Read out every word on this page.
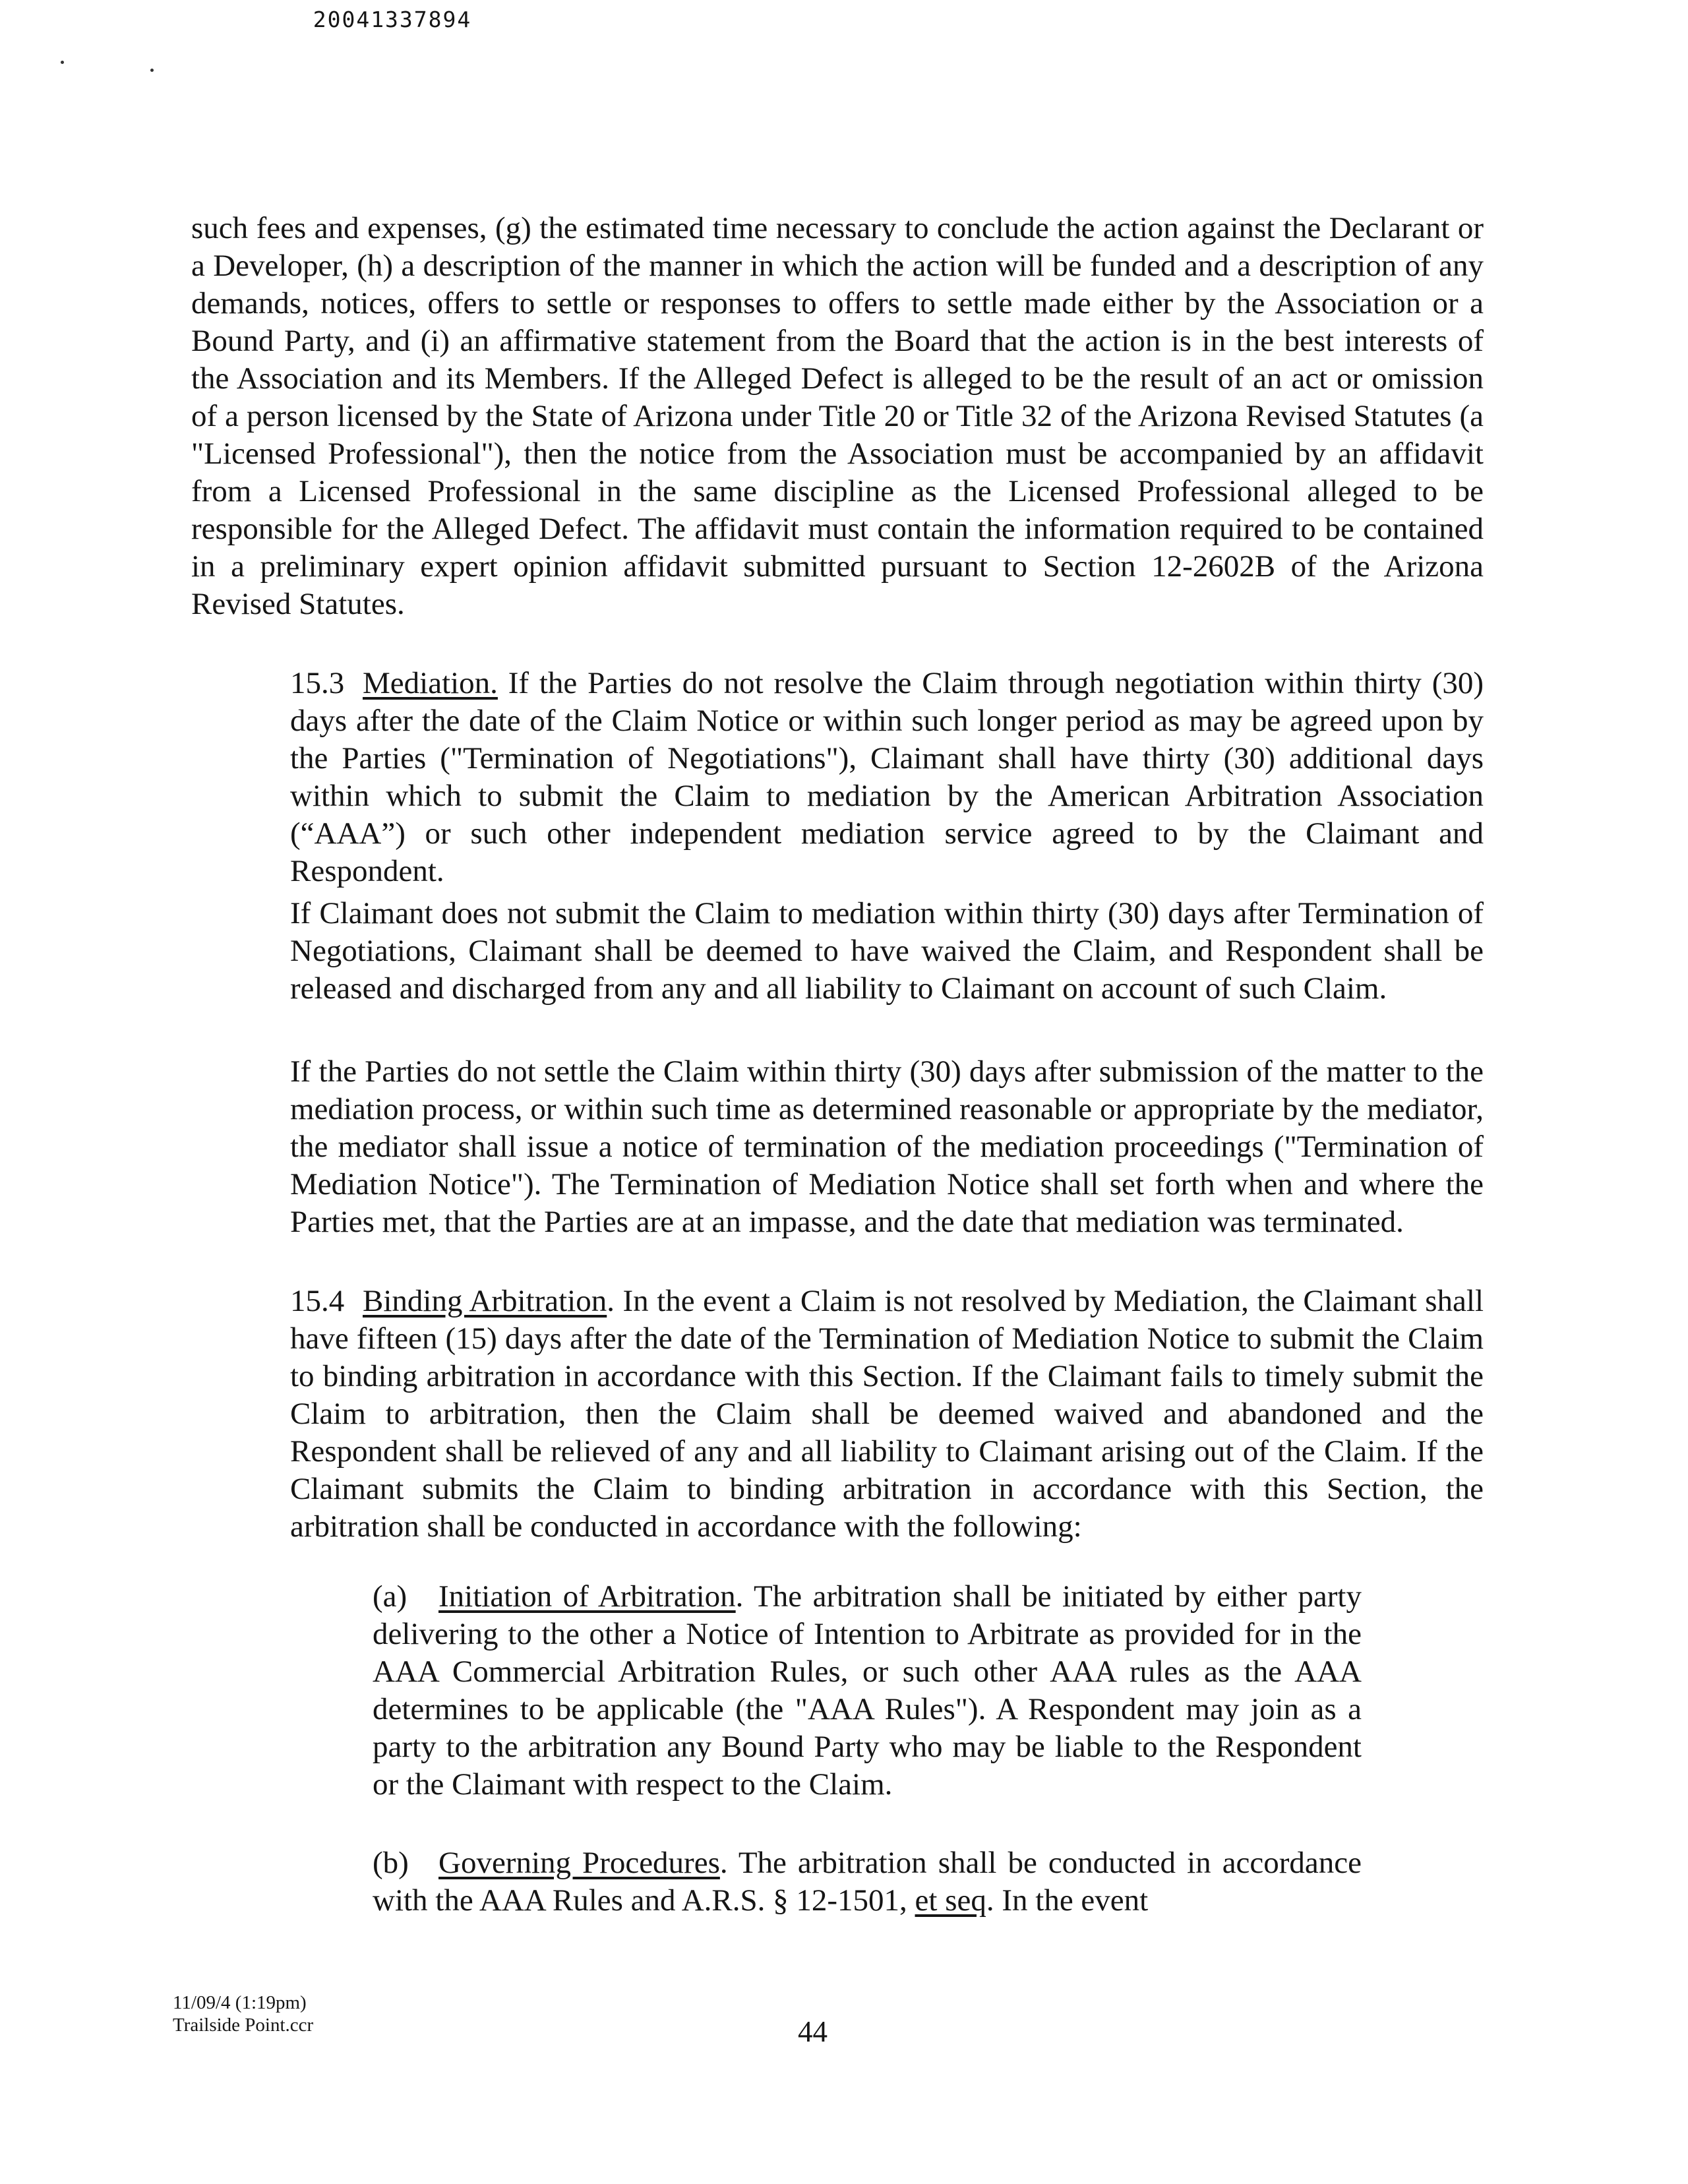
20041337894

such fees and expenses, (g) the estimated time necessary to conclude the action against the Declarant or a Developer, (h) a description of the manner in which the action will be funded and a description of any demands, notices, offers to settle or responses to offers to settle made either by the Association or a Bound Party, and (i) an affirmative statement from the Board that the action is in the best interests of the Association and its Members. If the Alleged Defect is alleged to be the result of an act or omission of a person licensed by the State of Arizona under Title 20 or Title 32 of the Arizona Revised Statutes (a "Licensed Professional"), then the notice from the Association must be accompanied by an affidavit from a Licensed Professional in the same discipline as the Licensed Professional alleged to be responsible for the Alleged Defect. The affidavit must contain the information required to be contained in a preliminary expert opinion affidavit submitted pursuant to Section 12-2602B of the Arizona Revised Statutes.

15.3 Mediation. If the Parties do not resolve the Claim through negotiation within thirty (30) days after the date of the Claim Notice or within such longer period as may be agreed upon by the Parties ("Termination of Negotiations"), Claimant shall have thirty (30) additional days within which to submit the Claim to mediation by the American Arbitration Association (“AAA”) or such other independent mediation service agreed to by the Claimant and Respondent.

If Claimant does not submit the Claim to mediation within thirty (30) days after Termination of Negotiations, Claimant shall be deemed to have waived the Claim, and Respondent shall be released and discharged from any and all liability to Claimant on account of such Claim.

If the Parties do not settle the Claim within thirty (30) days after submission of the matter to the mediation process, or within such time as determined reasonable or appropriate by the mediator, the mediator shall issue a notice of termination of the mediation proceedings ("Termination of Mediation Notice"). The Termination of Mediation Notice shall set forth when and where the Parties met, that the Parties are at an impasse, and the date that mediation was terminated.

15.4 Binding Arbitration. In the event a Claim is not resolved by Mediation, the Claimant shall have fifteen (15) days after the date of the Termination of Mediation Notice to submit the Claim to binding arbitration in accordance with this Section. If the Claimant fails to timely submit the Claim to arbitration, then the Claim shall be deemed waived and abandoned and the Respondent shall be relieved of any and all liability to Claimant arising out of the Claim. If the Claimant submits the Claim to binding arbitration in accordance with this Section, the arbitration shall be conducted in accordance with the following:

(a) Initiation of Arbitration. The arbitration shall be initiated by either party delivering to the other a Notice of Intention to Arbitrate as provided for in the AAA Commercial Arbitration Rules, or such other AAA rules as the AAA determines to be applicable (the "AAA Rules"). A Respondent may join as a party to the arbitration any Bound Party who may be liable to the Respondent or the Claimant with respect to the Claim.

(b) Governing Procedures. The arbitration shall be conducted in accordance with the AAA Rules and A.R.S. § 12-1501, et seq. In the event

11/09/4 (1:19pm)
Trailside Point.ccr	44
